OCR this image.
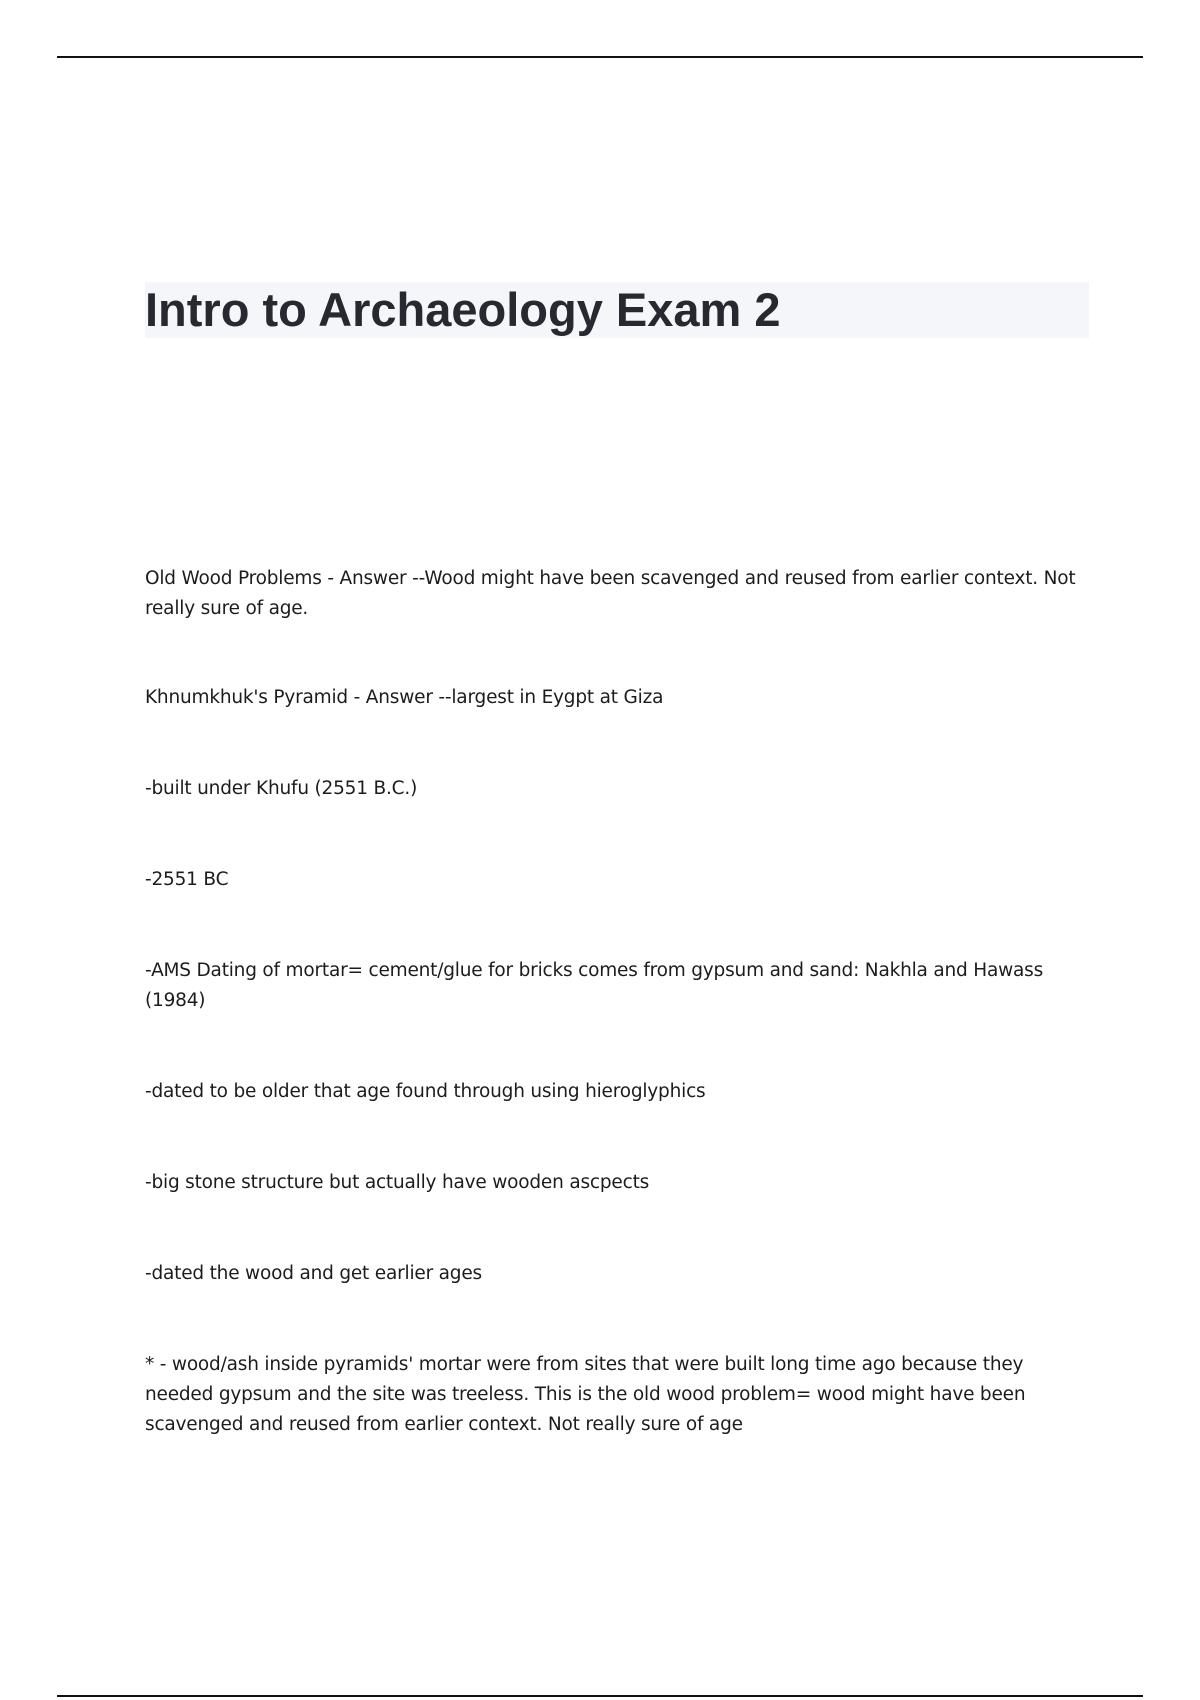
Intro to Archaeology Exam 2

Old Wood Problems - Answer --Wood might have been scavenged and reused from earlier context. Not really sure of age.

Khnumkhuk's Pyramid - Answer --largest in Eygpt at Giza

-built under Khufu (2551 B.C.)

-2551 BC

-AMS Dating of mortar= cement/glue for bricks comes from gypsum and sand: Nakhla and Hawass (1984)

-dated to be older that age found through using hieroglyphics

-big stone structure but actually have wooden ascpects

-dated the wood and get earlier ages

* - wood/ash inside pyramids' mortar were from sites that were built long time ago because they needed gypsum and the site was treeless. This is the old wood problem= wood might have been scavenged and reused from earlier context. Not really sure of age
